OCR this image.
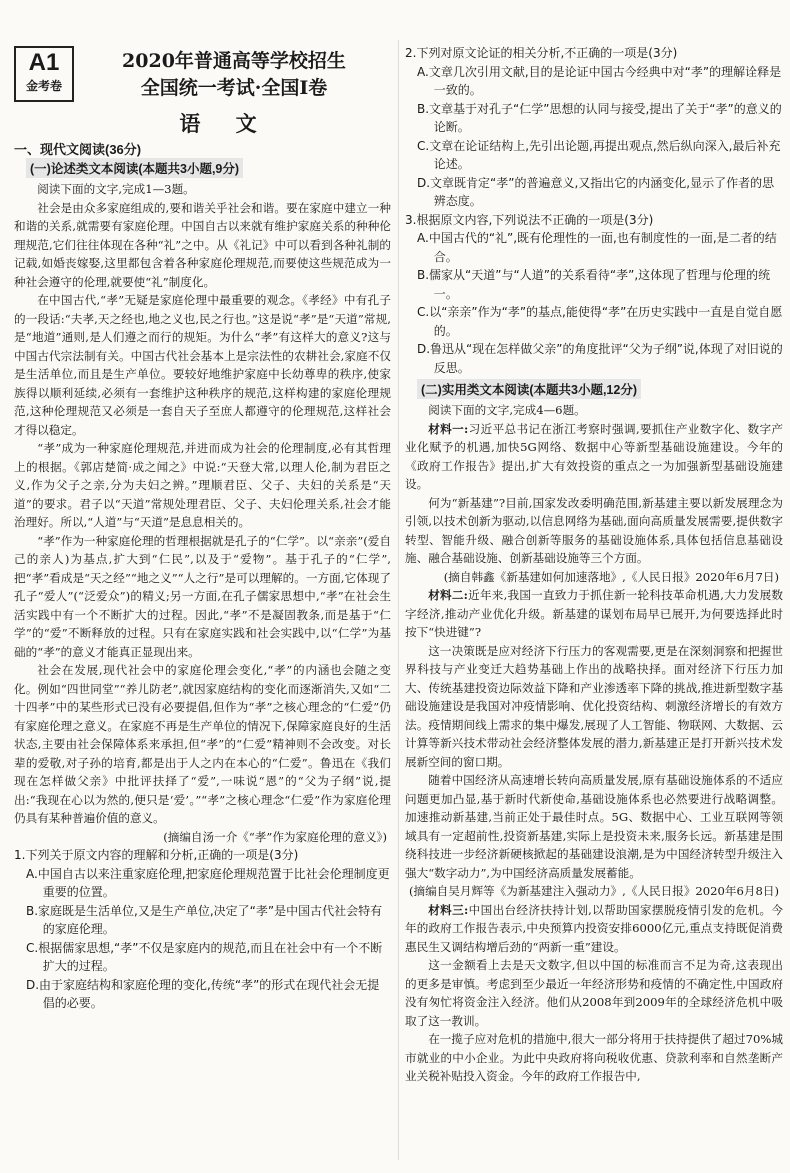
A1
金考卷
2020年普通高等学校招生
全国统一考试·全国Ⅰ卷
语 文
一、现代文阅读(36分)
(一)论述类文本阅读(本题共3小题,9分)

阅读下面的文字,完成1—3题。

社会是由众多家庭组成的,要和谐关乎社会和谐。要在家庭中建立一种和谐的关系,就需要有家庭伦理。中国自古以来就有维护家庭关系的种种伦理规范,它们往往体现在各种“礼”之中。从《礼记》中可以看到各种礼制的记载,如婚丧嫁娶,这里都包含着各种家庭伦理规范,而要使这些规范成为一种社会遵守的伦理,就要使“礼”制度化。

在中国古代,“孝”无疑是家庭伦理中最重要的观念。《孝经》中有孔子的一段话:“夫孝,天之经也,地之义也,民之行也。”这是说“孝”是“天道”常规,是“地道”通则,是人们遵之而行的规矩。为什么“孝”有这样大的意义?这与中国古代宗法制有关。中国古代社会基本上是宗法性的农耕社会,家庭不仅是生活单位,而且是生产单位。要较好地维护家庭中长幼尊卑的秩序,使家族得以顺利延续,必须有一套维护这种秩序的规范,这样构建的家庭伦理规范,这种伦理规范又必须是一套自天子至庶人都遵守的伦理规范,这样社会才得以稳定。

“孝”成为一种家庭伦理规范,并进而成为社会的伦理制度,必有其哲理上的根据。《郭店楚简·成之闻之》中说:“天登大常,以理人伦,制为君臣之义,作为父子之亲,分为夫妇之辨。”理顺君臣、父子、夫妇的关系是“天道”的要求。君子以“天道”常规处理君臣、父子、夫妇伦理关系,社会才能治理好。所以,“人道”与“天道”是息息相关的。

“孝”作为一种家庭伦理的哲理根据就是孔子的“仁学”。以“亲亲”(爱自己的亲人)为基点,扩大到“仁民”,以及于“爱物”。基于孔子的“仁学”,把“孝”看成是“天之经”“地之义”“人之行”是可以理解的。一方面,它体现了孔子“爱人”(“泛爱众”)的精义;另一方面,在孔子儒家思想中,“孝”在社会生活实践中有一个不断扩大的过程。因此,“孝”不是凝固教条,而是基于“仁学”的“爱”不断释放的过程。只有在家庭实践和社会实践中,以“仁学”为基础的“孝”的意义才能真正显现出来。

社会在发展,现代社会中的家庭伦理会变化,“孝”的内涵也会随之变化。例如“四世同堂”“养儿防老”,就因家庭结构的变化而逐渐消失,又如“二十四孝”中的某些形式已没有必要提倡,但作为“孝”之核心理念的“仁爱”仍有家庭伦理之意义。在家庭不再是生产单位的情况下,保障家庭良好的生活状态,主要由社会保障体系来承担,但“孝”的“仁爱”精神则不会改变。对长辈的爱敬,对子孙的培育,都是出于人之内在本心的“仁爱”。鲁迅在《我们现在怎样做父亲》中批评扶择了“爱”,一味说“恩”的“父为子纲”说,提出:“我现在心以为然的,便只是‘爱’。”“孝”之核心理念“仁爱”作为家庭伦理仍具有某种普遍价值的意义。

(摘编自汤一介《“孝”作为家庭伦理的意义》)

1.下列关于原文内容的理解和分析,正确的一项是(3分)

A.中国自古以来注重家庭伦理,把家庭伦理规范置于比社会伦理制度更重要的位置。

B.家庭既是生活单位,又是生产单位,决定了“孝”是中国古代社会特有的家庭伦理。

C.根据儒家思想,“孝”不仅是家庭内的规范,而且在社会中有一个不断扩大的过程。

D.由于家庭结构和家庭伦理的变化,传统“孝”的形式在现代社会无提倡的必要。

2.下列对原文论证的相关分析,不正确的一项是(3分)

A.文章几次引用文献,目的是论证中国古今经典中对“孝”的理解诠释是一致的。

B.文章基于对孔子“仁学”思想的认同与接受,提出了关于“孝”的意义的论断。

C.文章在论证结构上,先引出论题,再提出观点,然后纵向深入,最后补充论述。

D.文章既肯定“孝”的普遍意义,又指出它的内涵变化,显示了作者的思辨态度。

3.根据原文内容,下列说法不正确的一项是(3分)

A.中国古代的“礼”,既有伦理性的一面,也有制度性的一面,是二者的结合。

B.儒家从“天道”与“人道”的关系看待“孝”,这体现了哲理与伦理的统一。

C.以“亲亲”作为“孝”的基点,能使得“孝”在历史实践中一直是自觉自愿的。

D.鲁迅从“现在怎样做父亲”的角度批评“父为子纲”说,体现了对旧说的反思。

(二)实用类文本阅读(本题共3小题,12分)

阅读下面的文字,完成4—6题。

材料一:习近平总书记在浙江考察时强调,要抓住产业数字化、数字产业化赋予的机遇,加快5G网络、数据中心等新型基础设施建设。今年的《政府工作报告》提出,扩大有效投资的重点之一为加强新型基础设施建设。

何为“新基建”?目前,国家发改委明确范围,新基建主要以新发展理念为引领,以技术创新为驱动,以信息网络为基础,面向高质量发展需要,提供数字转型、智能升级、融合创新等服务的基础设施体系,具体包括信息基础设施、融合基础设施、创新基础设施等三个方面。

(摘自韩鑫《新基建如何加速落地》,《人民日报》2020年6月7日)

材料二:近年来,我国一直致力于抓住新一轮科技革命机遇,大力发展数字经济,推动产业优化升级。新基建的谋划布局早已展开,为何要选择此时按下“快进键”?

这一决策既是应对经济下行压力的客观需要,更是在深刻洞察和把握世界科技与产业变迁大趋势基础上作出的战略抉择。面对经济下行压力加大、传统基建投资边际效益下降和产业渗透率下降的挑战,推进新型数字基础设施建设是我国对冲疫情影响、优化投资结构、刺激经济增长的有效方法。疫情期间线上需求的集中爆发,展现了人工智能、物联网、大数据、云计算等新兴技术带动社会经济整体发展的潜力,新基建正是打开新兴技术发展新空间的窗口期。

随着中国经济从高速增长转向高质量发展,原有基础设施体系的不适应问题更加凸显,基于新时代新使命,基础设施体系也必然要进行战略调整。加速推动新基建,当前正处于最佳时点。5G、数据中心、工业互联网等领域具有一定超前性,投资新基建,实际上是投资未来,服务长远。新基建是围绕科技进一步经济新硬核掀起的基础建设浪潮,是为中国经济转型升级注入强大“数字动力”,为中国经济高质量发展蓄能。

(摘编自吴月辉等《为新基建注入强动力》,《人民日报》2020年6月8日)

材料三:中国出台经济扶持计划,以帮助国家摆脱疫情引发的危机。今年的政府工作报告表示,中央预算内投资安排6000亿元,重点支持既促消费惠民生又调结构增后劲的“两新一重”建设。

这一金额看上去是天文数字,但以中国的标准而言不足为奇,这表现出的更多是审慎。考虑到至少最近一年经济形势和疫情的不确定性,中国政府没有匆忙将资金注入经济。他们从2008年到2009年的全球经济危机中吸取了这一教训。

在一揽子应对危机的措施中,很大一部分将用于扶持提供了超过70%城市就业的中小企业。为此中央政府将向税收优惠、贷款利率和自然垄断产业关税补贴投入资金。今年的政府工作报告中,
